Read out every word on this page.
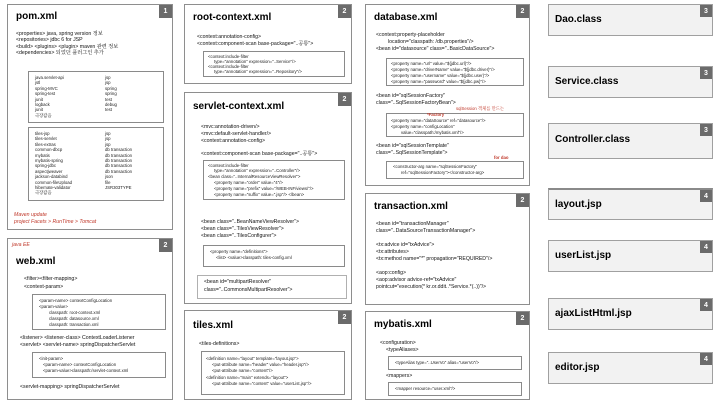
1
pom.xml
<properties> java, spring version 정보
<repositories> jdbc 6 for JSP
<build> <plugins> <plugin> maven 관련 정보
<dependencies> 되었던 플러그인 추가
java.servlet-api	jsp
jstl	jsp
spring-MVC	spring
spring-test	spring
junit	test
logback	debug
junit	test
극장값음
tiles-jsp	jsp
tiles-servlet	jsp
tiles-extras	jsp
common-dbcp	db transaction
mybatis	db transaction
mybatis-spring	db transaction
spring-jdbc	db transaction
aspectjweaver	db transaction
jackson-databind	json
common-fileUpload	file
hibernate-validator	JSR303TYPE
극장값음
Maven update
project Facets > RunTime > Tomcat
2
java EE
web.xml
<filter><filter-mapping>
<context-param>
<param-name> contextConfigLocation
<param-value>
classpath: root-context.xml
classpath: datasource.xml
classpath: transaction.xml
<listener> <listener-class> ContextLoaderListener
<servlet> <servlet-name> springDispatcherServlet
<init-param>
<param-name> contextConfigLocation
<param-value>classpath:/servlet-context.xml
<servlet-mapping> springDispatcherServlet
2
root-context.xml
<context:annotation-config>
<context:component-scan base-package="..공통">
<context:include-filter
type="annotation" expression="..Service"/>
<context:include-filter
type="annotation" expression="..Repository"/>
2
servlet-context.xml
<mvc:annotation-driven/>
<mvc:default-servlet-handler/>
<context:annotation-config>
<context:component-scan base-package="..공통">
<context:include-filter
type="annotation" expression="..Controller"/>
<bean class="..InternalResourceViewResolver">
<property name="order" value="4"/>
<property name="prefix" value="/WEB-INF/views/"/>
<property name="suffix" value=".jsp"/> </bean>
<bean class="..BeanNameViewResolver">
<bean class="..TilesViewResolver">
<bean class="..TilesConfigurer">
<property name="definitions">
<list> <value>classpath: tiles-config.xml
<bean id="multipartResolver"
class="..CommonsMultipartResolver">
2
tiles.xml
<tiles-definitions>
<definition name="layout" template="layout.jsp">
<put-attribute name="header" value="header.jsp"/>
<put-attribute name="content"/>
<definition name="main" extends="layout">
<put-attribute name="content" value="userList.jsp"/>
2
database.xml
<context:property-placeholder
location="classpath: /db.properties"/>
<bean id="datasource" class="..BasicDataSource">
<property name="url" value="${jdbc.url}"/>
<property name="driverName" value="${jdbc.driver}"/>
<property name="username" value="${jdbc.user}"/>
<property name="password" value="${jdbc.pw}"/>
<bean id="sqlSessionFactory"
class="..SqlSessionFactoryBean">
sqlSession 객체를 만드는
<property name="dataSource" ref="datasource"/>
<property name="configLocation"
value="classpath:/mybatis.xml"/>
*Factory
<bean id="sqlSessionTemplate"
class="..SqlSessionTemplate">
for dao
<constructor-arg name="sqlSessionFactory"
ref="sqlSessionFactory"></constructor-arg>
2
transaction.xml
<bean id="transactionManager"
class="..DataSourceTransactionManager">
<tx:advice id="txAdvice">
<tx:attributes>
<tx:method name="*" propagation="REQUIRED"/>
<aop:config>
<aop:advisor advice-ref="txAdvice"
pointcut="execution(* kr.or.ddit..*Service.*(..))"/>
2
mybatis.xml
<configuration>
<typeAliases>
<typeAlias type="..UserVo" alias="userVo"/>
<mappers>
<mapper resource="user.xml"/>
3
Dao.class
3
Service.class
3
Controller.class
4
layout.jsp
4
userList.jsp
4
ajaxListHtml.jsp
4
editor.jsp
